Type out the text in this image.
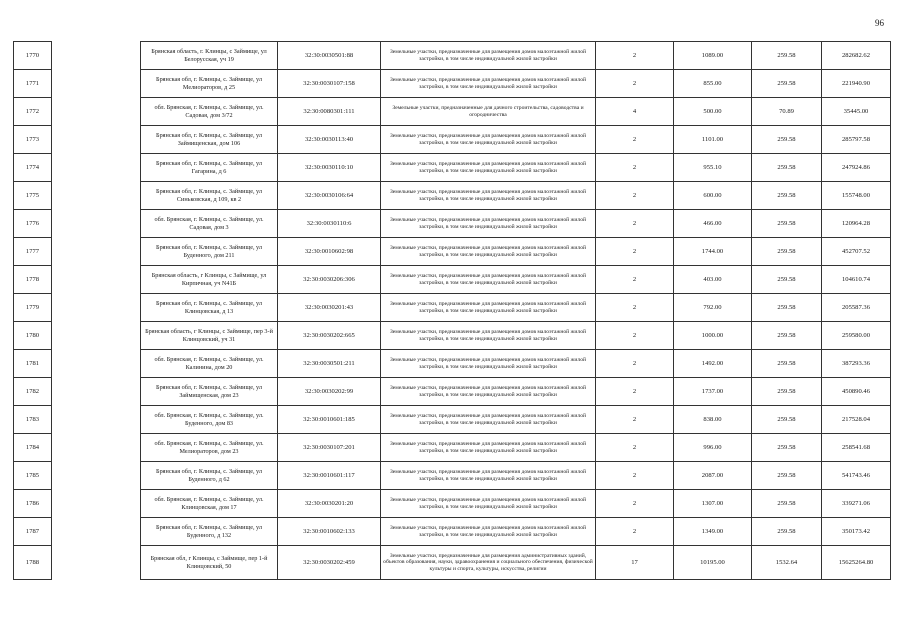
96
1770		Брянская область, г. Клинцы, с Займище, ул Белорусская, уч 19	32:30:0030501:88	Земельные участки, предназначенные для размещения домов малоэтажной жилой застройки, в том числе индивидуальной жилой застройки	2	1089.00	259.58	282682.62
1771		Брянская обл, г. Клинцы, с. Займище, ул Мелиораторов, д 25	32:30:0030107:158	Земельные участки, предназначенные для размещения домов малоэтажной жилой застройки, в том числе индивидуальной жилой застройки	2	855.00	259.58	221940.90
1772		обл. Брянская, г. Клинцы, с. Займище, ул. Садовая, дом 3/72	32:30:0080301:111	Земельные участки, предназначенные для дачного строительства, садоводства и огородничества	4	500.00	70.89	35445.00
1773		Брянская обл, г. Клинцы, с. Займище, ул Займищенская, дом 106	32:30:0030113:40	Земельные участки, предназначенные для размещения домов малоэтажной жилой застройки, в том числе индивидуальной жилой застройки	2	1101.00	259.58	285797.58
1774		Брянская обл, г. Клинцы, с. Займище, ул Гагарина, д 6	32:30:0030110:10	Земельные участки, предназначенные для размещения домов малоэтажной жилой застройки, в том числе индивидуальной жилой застройки	2	955.10	259.58	247924.86
1775		Брянская обл, г. Клинцы, с. Займище, ул Синьковская, д 109, кв 2	32:30:0030106:64	Земельные участки, предназначенные для размещения домов малоэтажной жилой застройки, в том числе индивидуальной жилой застройки	2	600.00	259.58	155748.00
1776		обл. Брянская, г. Клинцы, с. Займище, ул. Садовая, дом 3	32:30:0030110:6	Земельные участки, предназначенные для размещения домов малоэтажной жилой застройки, в том числе индивидуальной жилой застройки	2	466.00	259.58	120964.28
1777		Брянская обл, г. Клинцы, с. Займище, ул Буденного, дом 211	32:30:0010602:98	Земельные участки, предназначенные для размещения домов малоэтажной жилой застройки, в том числе индивидуальной жилой застройки	2	1744.00	259.58	452707.52
1778		Брянская область, г Клинцы, с Займище, ул Кирпичная, уч N41Б	32:30:0030206:306	Земельные участки, предназначенные для размещения домов малоэтажной жилой застройки, в том числе индивидуальной жилой застройки	2	403.00	259.58	104610.74
1779		Брянская обл, г. Клинцы, с. Займище, ул Клинцовская, д 13	32:30:0030201:43	Земельные участки, предназначенные для размещения домов малоэтажной жилой застройки, в том числе индивидуальной жилой застройки	2	792.00	259.58	205587.36
1780		Брянская область, г Клинцы, с Займище, пер 3-й Клинцовский, уч 31	32:30:0030202:665	Земельные участки, предназначенные для размещения домов малоэтажной жилой застройки, в том числе индивидуальной жилой застройки	2	1000.00	259.58	259580.00
1781		обл. Брянская, г. Клинцы, с. Займище, ул. Калинина, дом 20	32:30:0030501:211	Земельные участки, предназначенные для размещения домов малоэтажной жилой застройки, в том числе индивидуальной жилой застройки	2	1492.00	259.58	387293.36
1782		Брянская обл, г. Клинцы, с. Займище, ул Займищенская, дом 23	32:30:0030202:99	Земельные участки, предназначенные для размещения домов малоэтажной жилой застройки, в том числе индивидуальной жилой застройки	2	1737.00	259.58	450890.46
1783		обл. Брянская, г. Клинцы, с. Займище, ул. Буденного, дом 83	32:30:0010601:185	Земельные участки, предназначенные для размещения домов малоэтажной жилой застройки, в том числе индивидуальной жилой застройки	2	838.00	259.58	217528.04
1784		обл. Брянская, г. Клинцы, с. Займище, ул. Мелиораторов, дом 23	32:30:0030107:201	Земельные участки, предназначенные для размещения домов малоэтажной жилой застройки, в том числе индивидуальной жилой застройки	2	996.00	259.58	258541.68
1785		Брянская обл, г. Клинцы, с. Займище, ул Буденного, д 62	32:30:0010601:117	Земельные участки, предназначенные для размещения домов малоэтажной жилой застройки, в том числе индивидуальной жилой застройки	2	2087.00	259.58	541743.46
1786		обл. Брянская, г. Клинцы, с. Займище, ул. Клинцовская, дом 17	32:30:0030201:20	Земельные участки, предназначенные для размещения домов малоэтажной жилой застройки, в том числе индивидуальной жилой застройки	2	1307.00	259.58	339271.06
1787		Брянская обл, г. Клинцы, с. Займище, ул Буденного, д 132	32:30:0010602:133	Земельные участки, предназначенные для размещения домов малоэтажной жилой застройки, в том числе индивидуальной жилой застройки	2	1349.00	259.58	350173.42
1788		Брянская обл, г Клинцы, с Займище, пер 1-й Клинцовский, 50	32:30:0030202:459	Земельные участки, предназначенные для размещения административных зданий, объектов образования, науки, здравоохранения и социального обеспечения, физической культуры и спорта, культуры, искусства, религии	17	10195.00	1532.64	15625264.80
